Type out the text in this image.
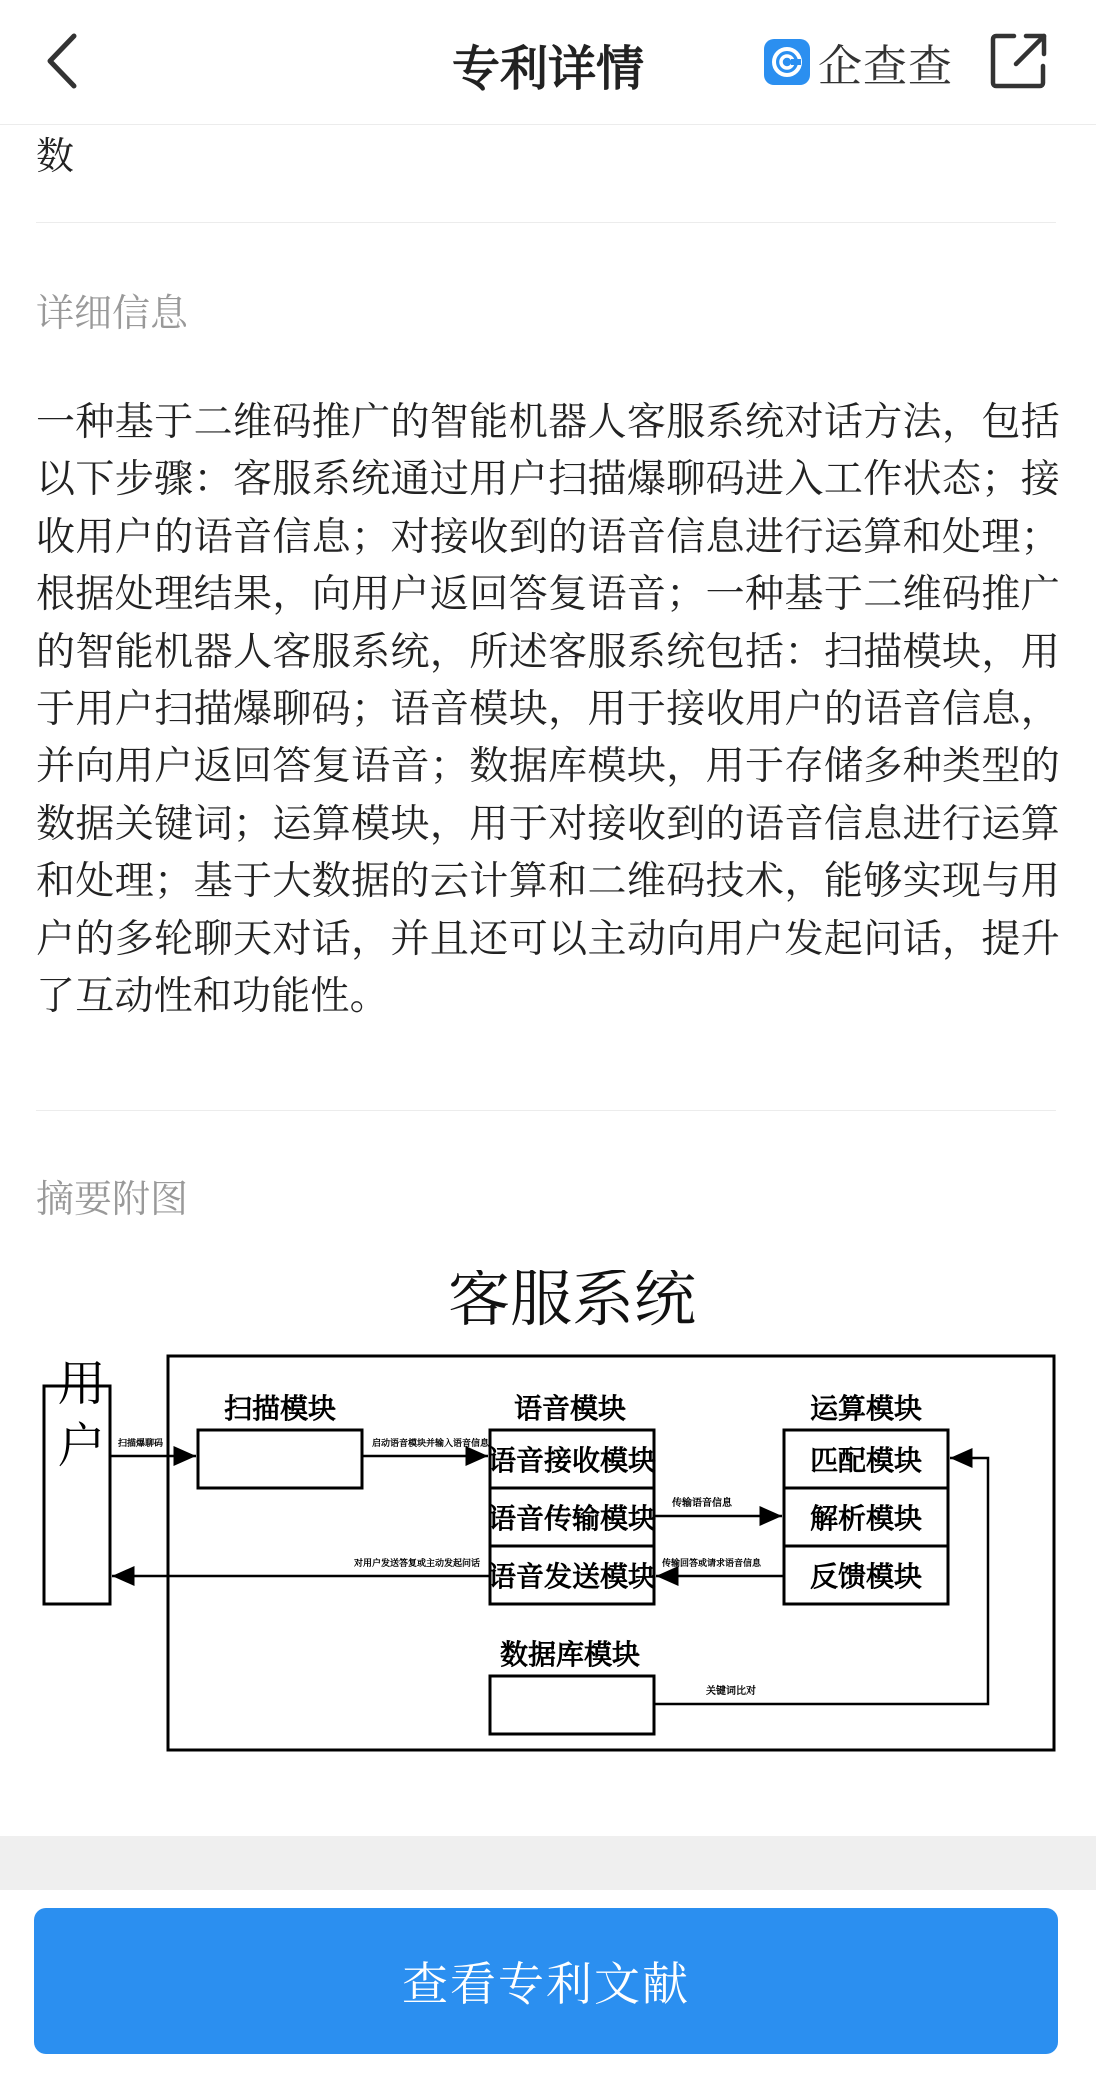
专利详情	企查查
数
详细信息
一种基于二维码推广的智能机器人客服系统对话方法，包括以下步骤：客服系统通过用户扫描爆聊码进入工作状态；接收用户的语音信息；对接收到的语音信息进行运算和处理；根据处理结果，向用户返回答复语音；一种基于二维码推广的智能机器人客服系统，所述客服系统包括：扫描模块，用于用户扫描爆聊码；语音模块，用于接收用户的语音信息，并向用户返回答复语音；数据库模块，用于存储多种类型的数据关键词；运算模块，用于对接收到的语音信息进行运算和处理；基于大数据的云计算和二维码技术，能够实现与用户的多轮聊天对话，并且还可以主动向用户发起问话，提升了互动性和功能性。
摘要附图
客服系统
用户	扫描模块	语音模块
语音接收模块
语音传输模块
语音发送模块
运算模块
匹配模块
解析模块
反馈模块
数据库模块
扫描爆聊码	启动语音模块并输入语音信息
传输语音信息
传输回答或请求语音信息
对用户发送答复或主动发起问话
关键词比对
查看专利文献
